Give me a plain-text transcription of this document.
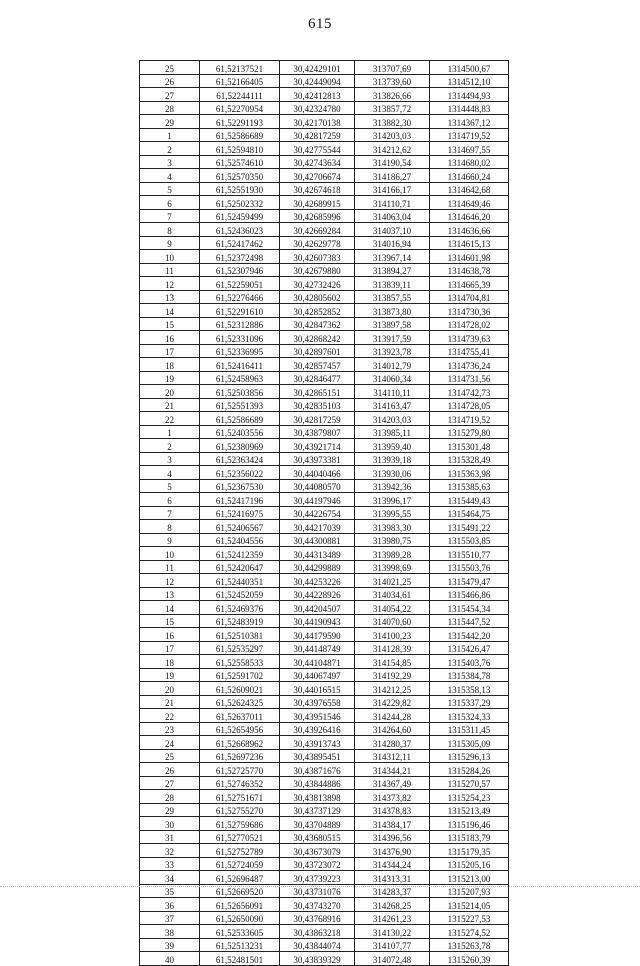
615
25	61,52137521	30,42429101	313707,69	1314500,67
26	61,52166405	30,42449094	313739,60	1314512,10
27	61,52244111	30,42412813	313826,66	1314494,93
28	61,52270954	30,42324780	313857,72	1314448,83
29	61,52291193	30,42170138	313882,30	1314367,12
1	61,52586689	30,42817259	314203,03	1314719,52
2	61,52594810	30,42775544	314212,62	1314697,55
3	61,52574610	30,42743634	314190,54	1314680,02
4	61,52570350	30,42706674	314186,27	1314660,24
5	61,52551930	30,42674618	314166,17	1314642,68
6	61,52502332	30,42689915	314110,71	1314649,46
7	61,52459499	30,42685996	314063,04	1314646,20
8	61,52436023	30,42669284	314037,10	1314636,66
9	61,52417462	30,42629778	314016,94	1314615,13
10	61,52372498	30,42607383	313967,14	1314601,98
11	61,52307946	30,42679880	313894,27	1314638,78
12	61,52259051	30,42732426	313839,11	1314665,39
13	61,52276466	30,42805602	313857,55	1314704,81
14	61,52291610	30,42852852	313873,80	1314730,36
15	61,52312886	30,42847362	313897,58	1314728,02
16	61,52331096	30,42868242	313917,59	1314739,63
17	61,52336995	30,42897601	313923,78	1314755,41
18	61,52416411	30,42857457	314012,79	1314736,24
19	61,52458963	30,42846477	314060,34	1314731,56
20	61,52503856	30,42865151	314110,11	1314742,73
21	61,52551393	30,42835103	314163,47	1314728,05
22	61,52586689	30,42817259	314203,03	1314719,52
1	61,52403556	30,43879807	313985,11	1315279,80
2	61,52380969	30,43921714	313959,40	1315301,48
3	61,52363424	30,43973381	313939,18	1315328,49
4	61,52356022	30,44040466	313930,06	1315363,98
5	61,52367530	30,44080570	313942,36	1315385,63
6	61,52417196	30,44197946	313996,17	1315449,43
7	61,52416975	30,44226754	313995,55	1315464,75
8	61,52406567	30,44217039	313983,30	1315491,22
9	61,52404556	30,44300881	313980,75	1315503,85
10	61,52412359	30,44313489	313989,28	1315510,77
11	61,52420647	30,44299889	313998,69	1315503,76
12	61,52440351	30,44253226	314021,25	1315479,47
13	61,52452059	30,44228926	314034,61	1315466,86
14	61,52469376	30,44204507	314054,22	1315454,34
15	61,52483919	30,44190943	314070,60	1315447,52
16	61,52510381	30,44179590	314100,23	1315442,20
17	61,52535297	30,44148749	314128,39	1315426,47
18	61,52558533	30,44104871	314154,85	1315403,76
19	61,52591702	30,44067497	314192,29	1315384,78
20	61,52609021	30,44016515	314212,25	1315358,13
21	61,52624325	30,43976558	314229,82	1315337,29
22	61,52637011	30,43951546	314244,28	1315324,33
23	61,52654956	30,43926416	314264,60	1315311,45
24	61,52668962	30,43913743	314280,37	1315305,09
25	61,52697236	30,43895451	314312,11	1315296,13
26	61,52725770	30,43871676	314344,21	1315284,26
27	61,52746352	30,43844886	314367,49	1315270,57
28	61,52751671	30,43813898	314373,82	1315254,23
29	61,52755270	30,43737129	314378,83	1315213,49
30	61,52759686	30,43704889	314384,17	1315196,46
31	61,52770521	30,43680515	314396,56	1315183,79
32	61,52752789	30,43673079	314376,90	1315179,35
33	61,52724059	30,43723072	314344,24	1315205,16
34	61,52696487	30,43739223	314313,31	1315213,00
35	61,52669520	30,43731076	314283,37	1315207,93
36	61,52656091	30,43743270	314268,25	1315214,05
37	61,52650090	30,43768916	314261,23	1315227,53
38	61,52533605	30,43863218	314130,22	1315274,52
39	61,52513231	30,43844074	314107,77	1315263,78
40	61,52481501	30,43839329	314072,48	1315260,39
